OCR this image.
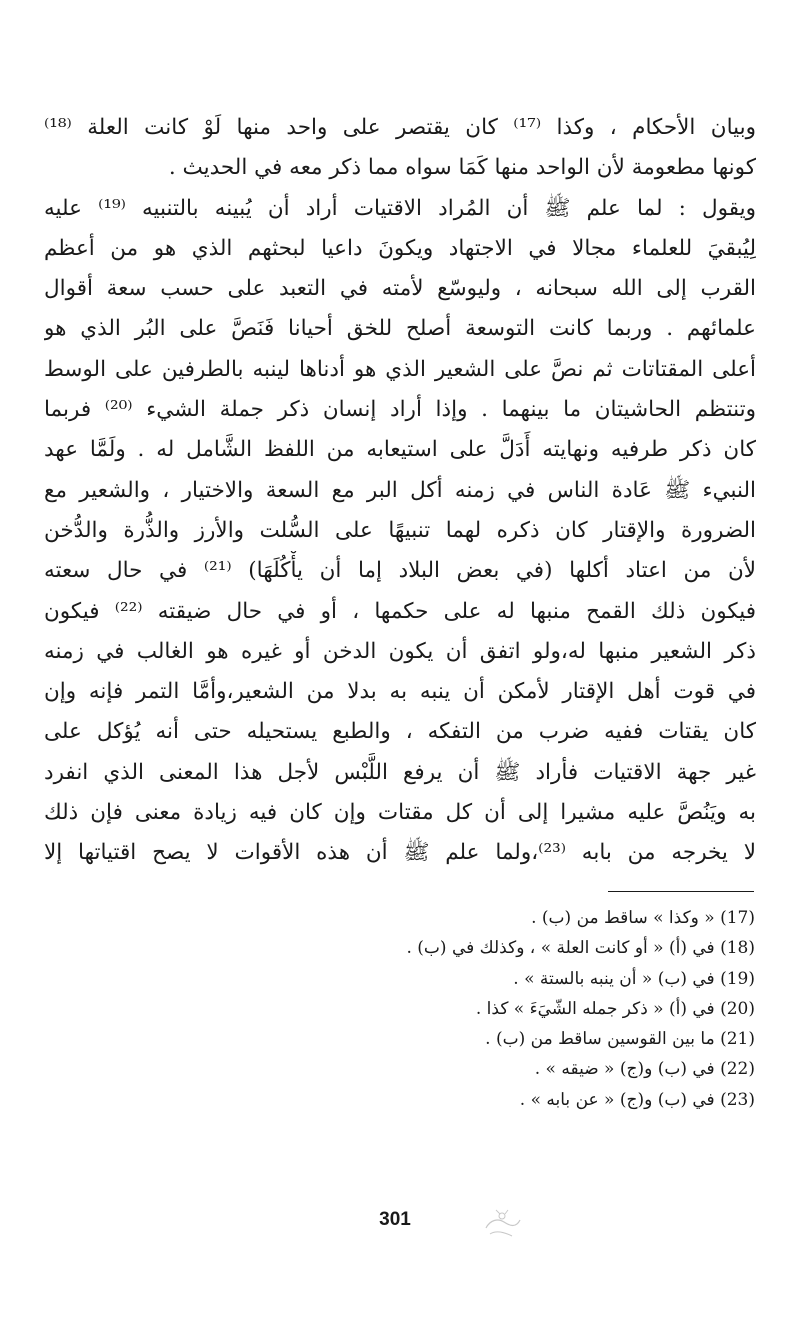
وبيان الأحكام ، وكذا ⁽¹⁷⁾ كان يقتصر على واحد منها لَوْ كانت العلة ⁽¹⁸⁾
كونها مطعومة لأن الواحد منها كَمَا سواه مما ذكر معه في الحديث .
ويقول : لما علم ﷺ أن المُراد الاقتيات أراد أن يُبينه بالتنبيه ⁽¹⁹⁾ عليه
لِيُبقيَ للعلماء مجالا في الاجتهاد ويكونَ داعيا لبحثهم الذي هو من أعظم
القرب إلى الله سبحانه ، وليوسّع لأمته في التعبد على حسب سعة أقوال
علمائهم . وربما كانت التوسعة أصلح للخق أحيانا فَنَصَّ على البُر الذي هو
أعلى المقتاتات ثم نصَّ على الشعير الذي هو أدناها لينبه بالطرفين على الوسط
وتنتظم الحاشيتان ما بينهما . وإذا أراد إنسان ذكر جملة الشيء ⁽²⁰⁾ فربما
كان ذكر طرفيه ونهايته أَدَلَّ على استيعابه من اللفظ الشَّامل له . ولَمَّا عهد
النبيء ﷺ عَادة الناس في زمنه أكل البر مع السعة والاختيار ، والشعير مع
الضرورة والإقتار كان ذكره لهما تنبيهًا على السُّلت والأرز والذُّرة والدُّخن
لأن من اعتاد أكلها (في بعض البلاد إما أن يأْكُلَهَا) ⁽²¹⁾ في حال سعته
فيكون ذلك القمح منبها له على حكمها ، أو في حال ضيقته ⁽²²⁾ فيكون
ذكر الشعير منبها له،ولو اتفق أن يكون الدخن أو غيره هو الغالب في زمنه
في قوت أهل الإقتار لأمكن أن ينبه به بدلا من الشعير،وأمَّا التمر فإنه وإن
كان يقتات ففيه ضرب من التفكه ، والطبع يستحيله حتى أنه يُؤكل على
غير جهة الاقتيات فأراد ﷺ أن يرفع اللَّبْس لأجل هذا المعنى الذي انفرد
به ويَنُصَّ عليه مشيرا إلى أن كل مقتات وإن كان فيه زيادة معنى فإن ذلك
لا يخرجه من بابه ⁽²³⁾،ولما علم ﷺ أن هذه الأقوات لا يصح اقتياتها إلا
(17) « وكذا » ساقط من (ب) .
(18) في (أ) « أو كانت العلة » ، وكذلك في (ب) .
(19) في (ب) « أن ينبه بالستة » .
(20) في (أ) « ذكر جمله الشّيَءَ » كذا .
(21) ما بين القوسين ساقط من (ب) .
(22) في (ب) و(ج) « ضيقه » .
(23) في (ب) و(ج) « عن بابه » .
301
